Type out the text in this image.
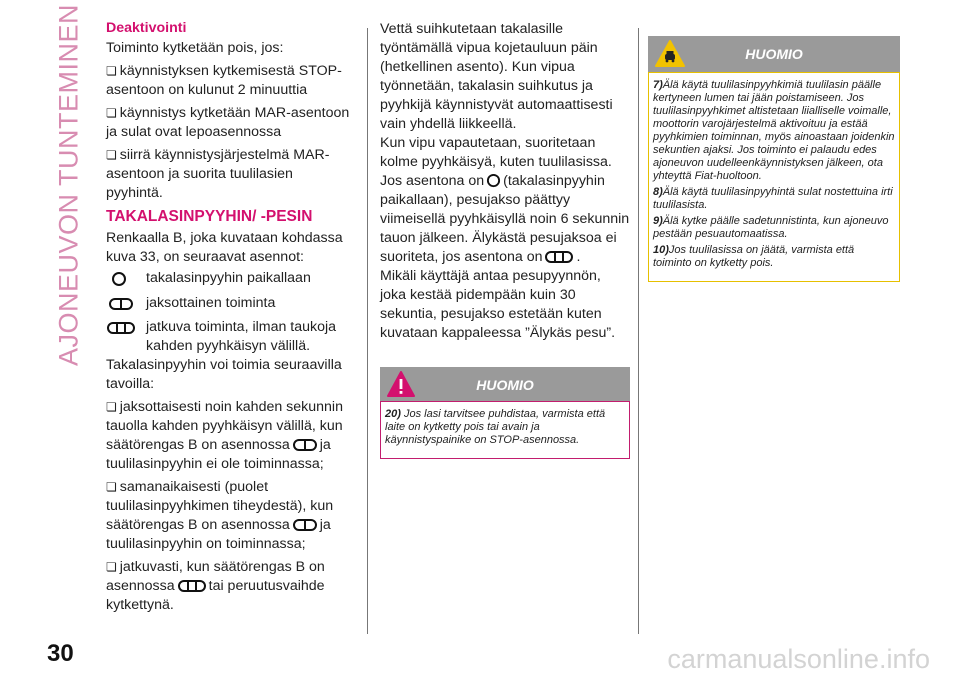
AJONEUVON TUNTEMINEN Deaktivointi

Toiminto kytketään pois, jos:

❏ käynnistyksen kytkemisestä STOP-asentoon on kulunut 2 minuuttia

❏ käynnistys kytketään MAR-asentoon ja sulat ovat lepoasennossa

❏ siirrä käynnistysjärjestelmä MAR-asentoon ja suorita tuulilasien pyyhintä.

TAKALASINPYYHIN/ -PESIN

Renkaalla B, joka kuvataan kohdassa kuva 33, on seuraavat asennot:

takalasinpyyhin paikallaan

jaksottainen toiminta

jatkuva toiminta, ilman taukoja kahden pyyhkäisyn välillä.

Takalasinpyyhin voi toimia seuraavilla tavoilla:

❏ jaksottaisesti noin kahden sekunnin tauolla kahden pyyhkäisyn välillä, kun säätörengas B on asennossa ja tuulilasinpyyhin ei ole toiminnassa;

❏ samanaikaisesti (puolet tuulilasinpyyhkimen tiheydestä), kun säätörengas B on asennossa ja tuulilasinpyyhin on toiminnassa;

❏ jatkuvasti, kun säätörengas B on asennossa tai peruutusvaihde kytkettynä.

Vettä suihkutetaan takalasille työntämällä vipua kojetauluun päin (hetkellinen asento). Kun vipua työnnetään, takalasin suihkutus ja pyyhkijä käynnistyvät automaattisesti vain yhdellä liikkeellä.

Kun vipu vapautetaan, suoritetaan kolme pyyhkäisyä, kuten tuulilasissa. Jos asentona on (takalasinpyyhin paikallaan), pesujakso päättyy viimeisellä pyyhkäisyllä noin 6 sekunnin tauon jälkeen. Älykästä pesujaksoa ei suoriteta, jos asentona on .

Mikäli käyttäjä antaa pesupyynnön, joka kestää pidempään kuin 30 sekuntia, pesujakso estetään kuten kuvataan kappaleessa ”Älykäs pesu”.

HUOMIO

20) Jos lasi tarvitsee puhdistaa, varmista että laite on kytketty pois tai avain ja käynnistyspainike on STOP-asennossa.

HUOMIO

7)Älä käytä tuulilasinpyyhkimiä tuulilasin päälle kertyneen lumen tai jään poistamiseen. Jos tuulilasinpyyhkimet altistetaan liialliselle voimalle, moottorin varojärjestelmä aktivoituu ja estää pyyhkimien toiminnan, myös ainoastaan joidenkin sekuntien ajaksi. Jos toiminto ei palaudu edes ajoneuvon uudelleenkäynnistyksen jälkeen, ota yhteyttä Fiat-huoltoon.

8)Älä käytä tuulilasinpyyhintä sulat nostettuina irti tuulilasista.

9)Älä kytke päälle sadetunnistinta, kun ajoneuvo pestään pesuautomaatissa.

10)Jos tuulilasissa on jäätä, varmista että toiminto on kytketty pois.

30	carmanualsonline.info
